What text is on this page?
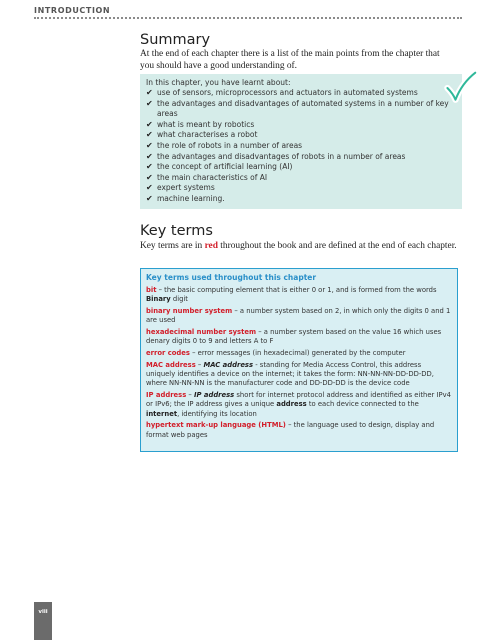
INTRODUCTION
Summary
At the end of each chapter there is a list of the main points from the chapter that you should have a good understanding of.
In this chapter, you have learnt about:
✔ use of sensors, microprocessors and actuators in automated systems
✔ the advantages and disadvantages of automated systems in a number of key areas
✔ what is meant by robotics
✔ what characterises a robot
✔ the role of robots in a number of areas
✔ the advantages and disadvantages of robots in a number of areas
✔ the concept of artificial learning (AI)
✔ the main characteristics of AI
✔ expert systems
✔ machine learning.
Key terms
Key terms are in red throughout the book and are defined at the end of each chapter.
Key terms used throughout this chapter
bit – the basic computing element that is either 0 or 1, and is formed from the words Binary digit
binary number system – a number system based on 2, in which only the digits 0 and 1 are used
hexadecimal number system – a number system based on the value 16 which uses denary digits 0 to 9 and letters A to F
error codes – error messages (in hexadecimal) generated by the computer
MAC address – MAC address - standing for Media Access Control, this address uniquely identifies a device on the internet; it takes the form: NN-NN-NN-DD-DD-DD, where NN-NN-NN is the manufacturer code and DD-DD-DD is the device code
IP address – IP address short for internet protocol address and identified as either IPv4 or IPv6; the IP address gives a unique address to each device connected to the internet, identifying its location
hypertext mark-up language (HTML) – the language used to design, display and format web pages
viii
